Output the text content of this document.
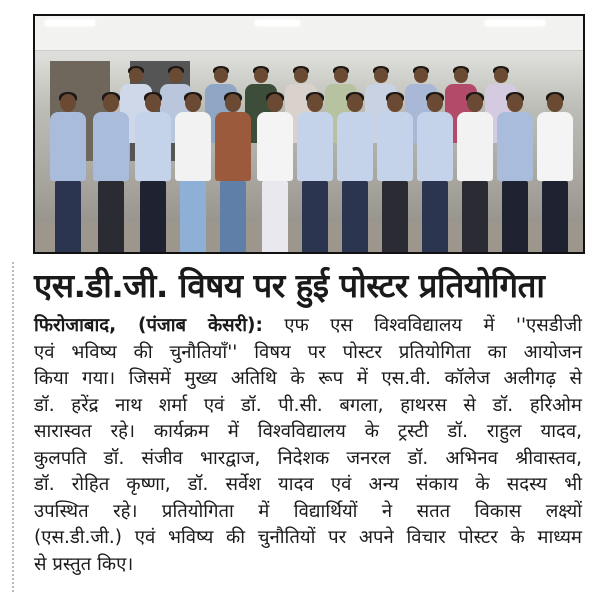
एस.डी.जी. विषय पर हुई पोस्टर प्रतियोगिता
फिरोजाबाद, (पंजाब केसरी): एफ एस विश्वविद्यालय में ''एसडीजी
एवं भविष्य की चुनौतियाँ'' विषय पर पोस्टर प्रतियोगिता का आयोजन
किया गया। जिसमें मुख्य अतिथि के रूप में एस.वी. कॉलेज अलीगढ़ से
डॉ. हरेंद्र नाथ शर्मा एवं डॉ. पी.सी. बगला, हाथरस से डॉ. हरिओम
सारास्वत रहे। कार्यक्रम में विश्वविद्यालय के ट्रस्टी डॉ. राहुल यादव,
कुलपति डॉ. संजीव भारद्वाज, निदेशक जनरल डॉ. अभिनव श्रीवास्तव,
डॉ. रोहित कृष्णा, डॉ. सर्वेश यादव एवं अन्य संकाय के सदस्य भी
उपस्थित रहे। प्रतियोगिता में विद्यार्थियों ने सतत विकास लक्ष्यों
(एस.डी.जी.) एवं भविष्य की चुनौतियों पर अपने विचार पोस्टर के माध्यम
से प्रस्तुत किए।
